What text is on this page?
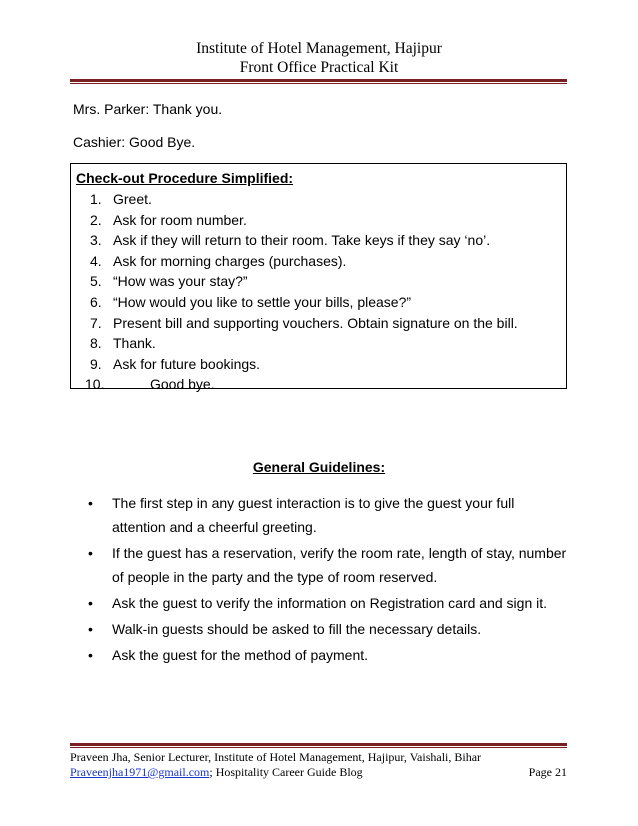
Institute of Hotel Management, Hajipur
Front Office Practical Kit
Mrs. Parker: Thank you.
Cashier: Good Bye.
Check-out Procedure Simplified:
1. Greet.
2. Ask for room number.
3. Ask if they will return to their room. Take keys if they say ‘no’.
4. Ask for morning charges (purchases).
5. “How was your stay?”
6. “How would you like to settle your bills, please?”
7. Present bill and supporting vouchers. Obtain signature on the bill.
8. Thank.
9. Ask for future bookings.
10.	Good bye.
General Guidelines:
• The first step in any guest interaction is to give the guest your full attention and a cheerful greeting.
• If the guest has a reservation, verify the room rate, length of stay, number of people in the party and the type of room reserved.
• Ask the guest to verify the information on Registration card and sign it.
• Walk-in guests should be asked to fill the necessary details.
• Ask the guest for the method of payment.
Praveen Jha, Senior Lecturer, Institute of Hotel Management, Hajipur, Vaishali, Bihar
Praveenjha1971@gmail.com; Hospitality Career Guide Blog	Page 21
